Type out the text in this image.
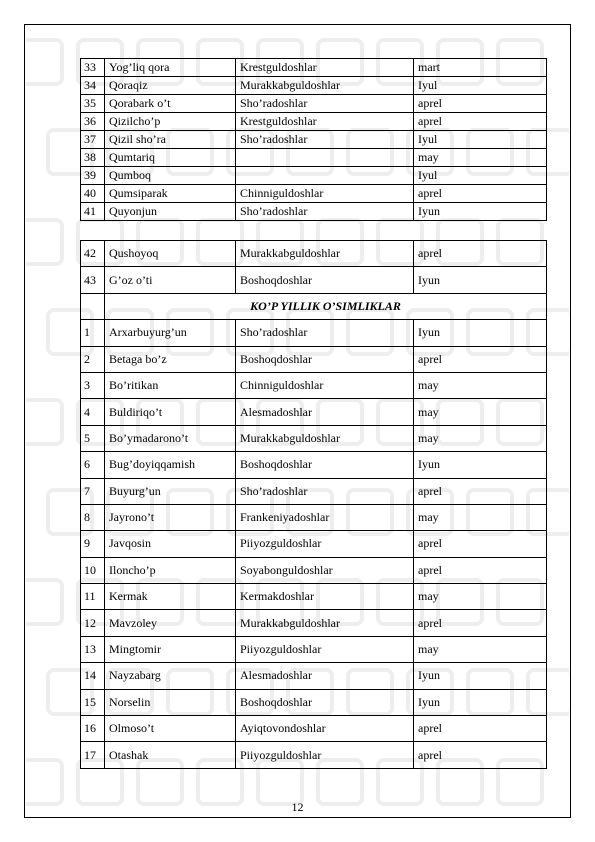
33	Yog’liq qora	Krestguldoshlar	mart
34	Qoraqiz	Murakkabguldoshlar	Iyul
35	Qorabark o’t	Sho’radoshlar	aprel
36	Qizilcho’p	Krestguldoshlar	aprel
37	Qizil sho’ra	Sho’radoshlar	Iyul
38	Qumtariq		may
39	Qumboq		Iyul
40	Qumsiparak	Chinniguldoshlar	aprel
41	Quyonjun	Sho’radoshlar	Iyun
42	Qushoyoq	Murakkabguldoshlar	aprel
43	G’oz o’ti	Boshoqdoshlar	Iyun
	KO’P YILLIK O’SIMLIKLAR		
1	Arxarbuyurg’un	Sho’radoshlar	Iyun
2	Betaga bo’z	Boshoqdoshlar	aprel
3	Bo’ritikan	Chinniguldoshlar	may
4	Buldiriqo’t	Alesmadoshlar	may
5	Bo’ymadarono’t	Murakkabguldoshlar	may
6	Bug’doyiqqamish	Boshoqdoshlar	Iyun
7	Buyurg’un	Sho’radoshlar	aprel
8	Jayrono’t	Frankeniyadoshlar	may
9	Javqosin	Piiyozguldoshlar	aprel
10	Ilоncho’p	Soyabonguldoshlar	aprel
11	Kermak	Kermakdoshlar	may
12	Mavzoley	Murakkabguldoshlar	aprel
13	Mingtomir	Piiyozguldoshlar	may
14	Nayzabarg	Alesmadoshlar	Iyun
15	Norselin	Boshoqdoshlar	Iyun
16	Olmoso’t	Ayiqtovondoshlar	aprel
17	Otashak	Piiyozguldoshlar	aprel
12
